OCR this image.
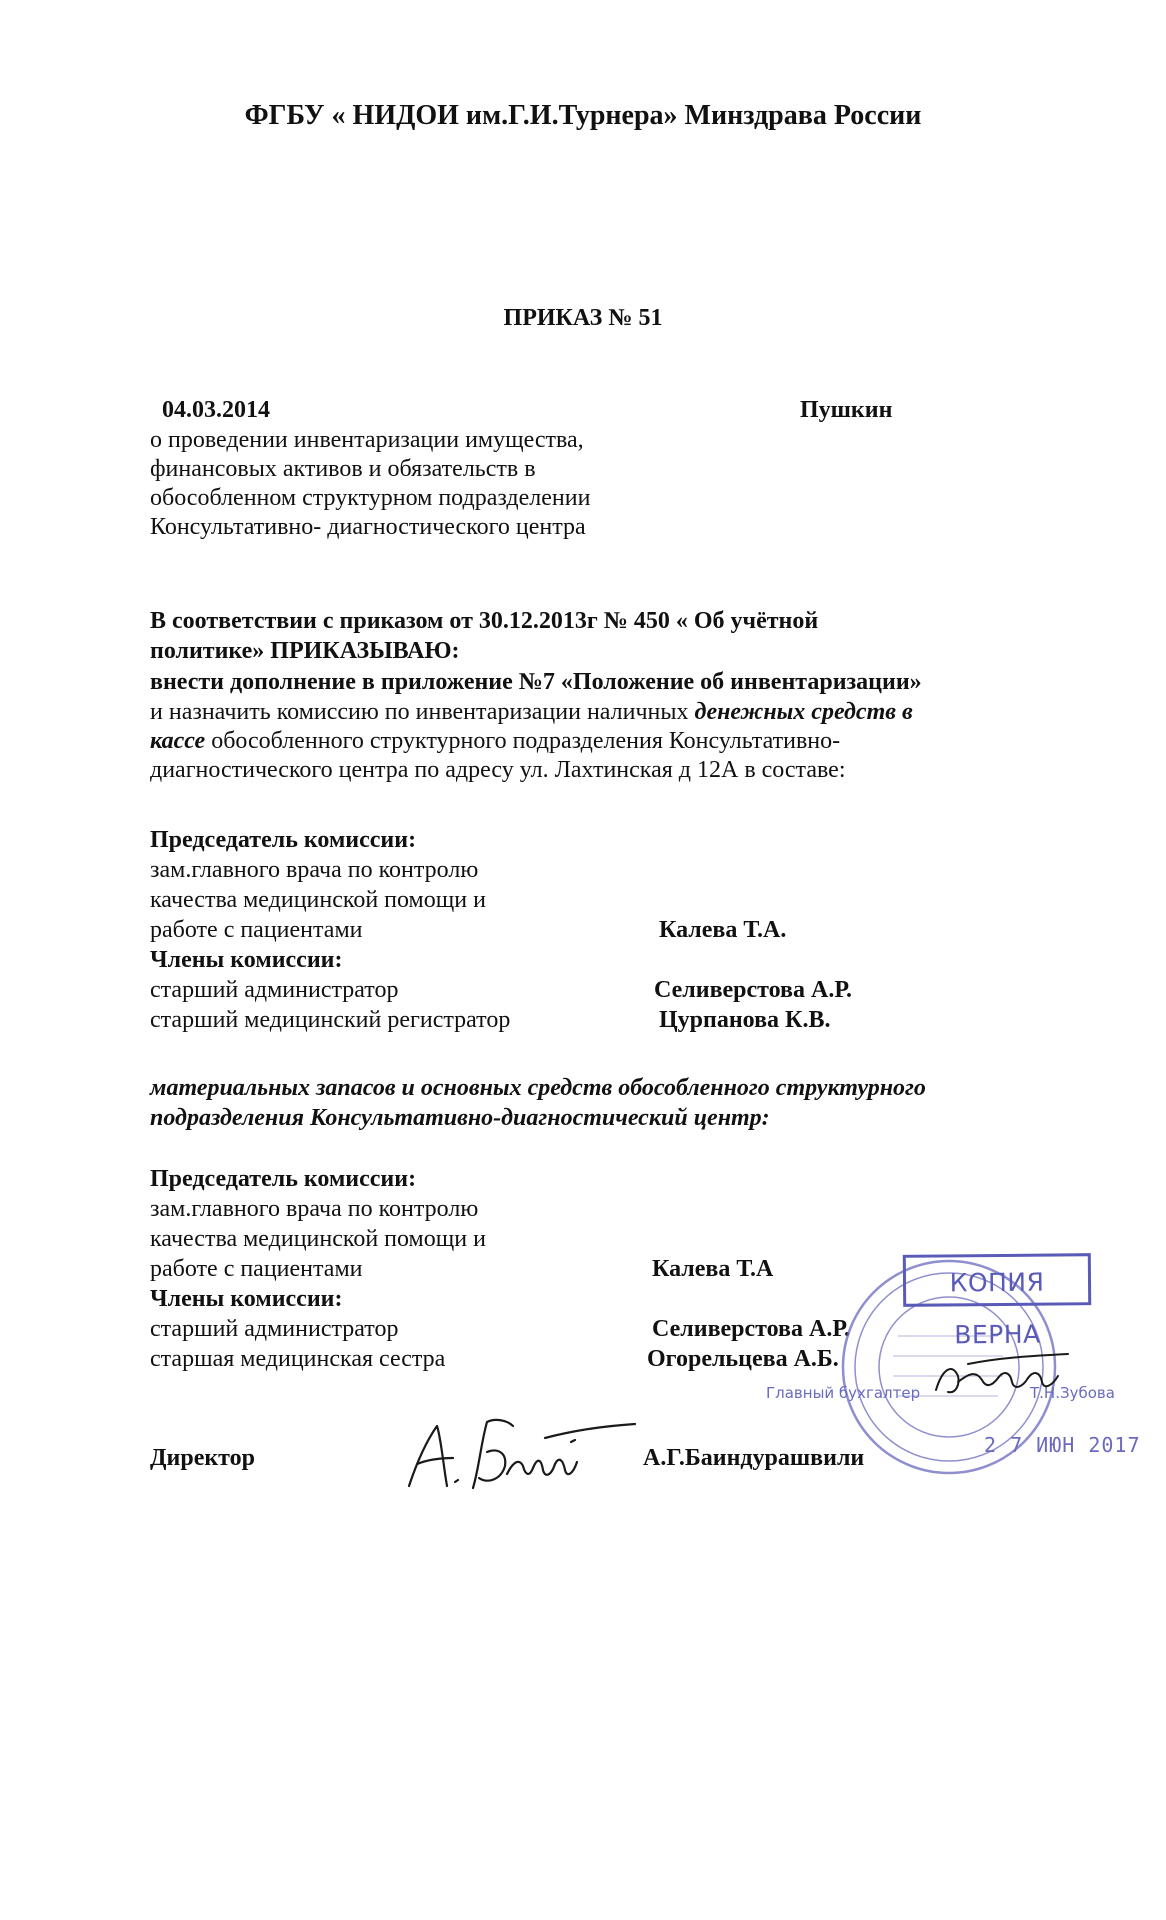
ФГБУ « НИДОИ им.Г.И.Турнера» Минздрава России
ПРИКАЗ № 51
04.03.2014	Пушкин
о проведении инвентаризации имущества,
финансовых активов и обязательств в
обособленном структурном подразделении
Консультативно- диагностического центра
В соответствии с приказом от 30.12.2013г № 450 « Об учётной
политике» ПРИКАЗЫВАЮ:
внести дополнение в приложение №7 «Положение об инвентаризации»
и назначить комиссию по инвентаризации наличных денежных средств в
кассе обособленного структурного подразделения Консультативно-
диагностического центра по адресу ул. Лахтинская д 12А в составе:
Председатель комиссии:
зам.главного врача по контролю
качества медицинской помощи и
работе с пациентами	Калева Т.А.
Члены комиссии:
старший администратор	Селиверстова А.Р.
старший медицинский регистратор	Цурпанова К.В.
материальных запасов и основных средств обособленного структурного
подразделения Консультативно-диагностический центр:
Председатель комиссии:
зам.главного врача по контролю
качества медицинской помощи и
работе с пациентами	Калева Т.А
Члены комиссии:
старший администратор	Селиверстова А.Р.
старшая медицинская сестра	Огорельцева А.Б.
Директор	А.Г.Баиндурашвили
КОПИЯ ВЕРНА
Главный бухгалтер	Т.Н.Зубова
2 7 ИЮН 2017
